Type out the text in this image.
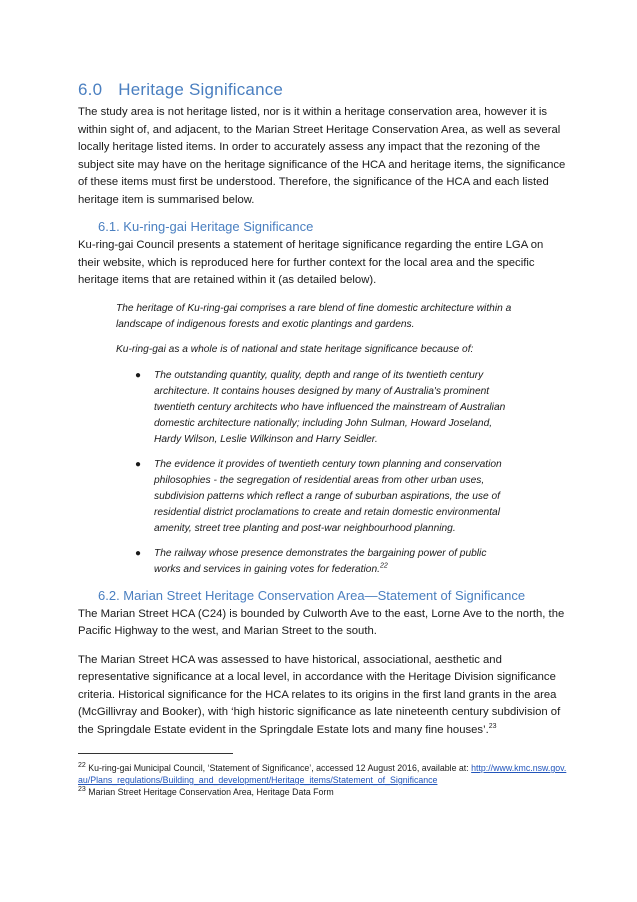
6.0 Heritage Significance

The study area is not heritage listed, nor is it within a heritage conservation area, however it is within sight of, and adjacent, to the Marian Street Heritage Conservation Area, as well as several locally heritage listed items. In order to accurately assess any impact that the rezoning of the subject site may have on the heritage significance of the HCA and heritage items, the significance of these items must first be understood. Therefore, the significance of the HCA and each listed heritage item is summarised below.

6.1. Ku-ring-gai Heritage Significance

Ku-ring-gai Council presents a statement of heritage significance regarding the entire LGA on their website, which is reproduced here for further context for the local area and the specific heritage items that are retained within it (as detailed below).

The heritage of Ku-ring-gai comprises a rare blend of fine domestic architecture within a landscape of indigenous forests and exotic plantings and gardens.

Ku-ring-gai as a whole is of national and state heritage significance because of:

● The outstanding quantity, quality, depth and range of its twentieth century architecture. It contains houses designed by many of Australia's prominent twentieth century architects who have influenced the mainstream of Australian domestic architecture nationally; including John Sulman, Howard Joseland, Hardy Wilson, Leslie Wilkinson and Harry Seidler.
● The evidence it provides of twentieth century town planning and conservation philosophies - the segregation of residential areas from other urban uses, subdivision patterns which reflect a range of suburban aspirations, the use of residential district proclamations to create and retain domestic environmental amenity, street tree planting and post-war neighbourhood planning.
● The railway whose presence demonstrates the bargaining power of public works and services in gaining votes for federation.$^{22}$
6.2. Marian Street Heritage Conservation Area—Statement of Significance

The Marian Street HCA (C24) is bounded by Culworth Ave to the east, Lorne Ave to the north, the Pacific Highway to the west, and Marian Street to the south.

The Marian Street HCA was assessed to have historical, associational, aesthetic and representative significance at a local level, in accordance with the Heritage Division significance criteria. Historical significance for the HCA relates to its origins in the first land grants in the area (McGillivray and Booker), with ‘high historic significance as late nineteenth century subdivision of the Springdale Estate evident in the Springdale Estate lots and many fine houses’.$^{23}$

$^{22}$ Ku-ring-gai Municipal Council, ‘Statement of Significance’, accessed 12 August 2016, available at: http://www.kmc.nsw.gov.au/Plans_regulations/Building_and_development/Heritage_items/Statement_of_Significance
$^{23}$ Marian Street Heritage Conservation Area, Heritage Data Form
